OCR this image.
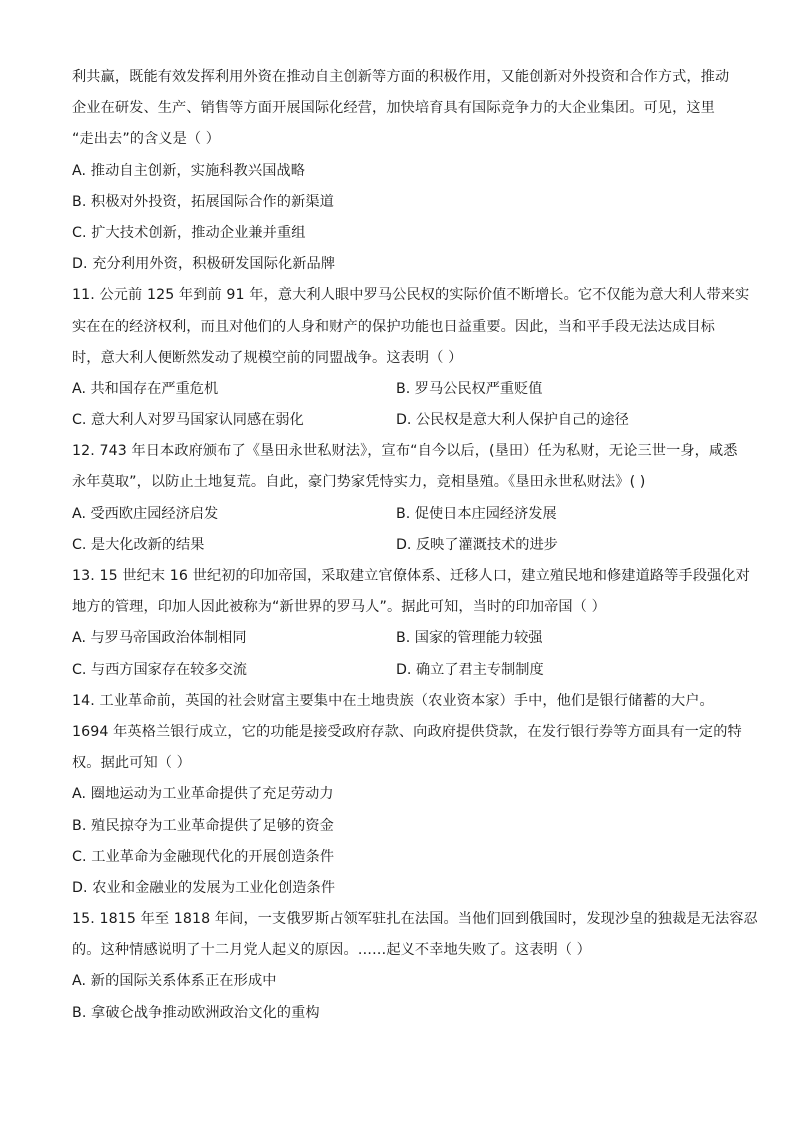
利共赢，既能有效发挥利用外资在推动自主创新等方面的积极作用，又能创新对外投资和合作方式，推动
企业在研发、生产、销售等方面开展国际化经营，加快培育具有国际竞争力的大企业集团。可见，这里
“走出去”的含义是（ ）
A. 推动自主创新，实施科教兴国战略
B. 积极对外投资，拓展国际合作的新渠道
C. 扩大技术创新，推动企业兼并重组
D. 充分利用外资，积极研发国际化新品牌
11. 公元前 125 年到前 91 年，意大利人眼中罗马公民权的实际价值不断增长。它不仅能为意大利人带来实
实在在的经济权利，而且对他们的人身和财产的保护功能也日益重要。因此，当和平手段无法达成目标
时，意大利人便断然发动了规模空前的同盟战争。这表明（ ）
A. 共和国存在严重危机	B. 罗马公民权严重贬值
C. 意大利人对罗马国家认同感在弱化	D. 公民权是意大利人保护自己的途径
12. 743 年日本政府颁布了《垦田永世私财法》，宣布“自今以后，(垦田）任为私财，无论三世一身，咸悉
永年莫取”，以防止土地复荒。自此，豪门势家凭恃实力，竞相垦殖。《垦田永世私财法》( )
A. 受西欧庄园经济启发	B. 促使日本庄园经济发展
C. 是大化改新的结果	D. 反映了灌溉技术的进步
13. 15 世纪末 16 世纪初的印加帝国，采取建立官僚体系、迁移人口，建立殖民地和修建道路等手段强化对
地方的管理，印加人因此被称为“新世界的罗马人”。据此可知，当时的印加帝国（ ）
A. 与罗马帝国政治体制相同	B. 国家的管理能力较强
C. 与西方国家存在较多交流	D. 确立了君主专制制度
14. 工业革命前，英国的社会财富主要集中在土地贵族（农业资本家）手中，他们是银行储蓄的大户。
1694 年英格兰银行成立，它的功能是接受政府存款、向政府提供贷款，在发行银行券等方面具有一定的特
权。据此可知（ ）
A. 圈地运动为工业革命提供了充足劳动力
B. 殖民掠夺为工业革命提供了足够的资金
C. 工业革命为金融现代化的开展创造条件
D. 农业和金融业的发展为工业化创造条件
15. 1815 年至 1818 年间，一支俄罗斯占领军驻扎在法国。当他们回到俄国时，发现沙皇的独裁是无法容忍
的。这种情感说明了十二月党人起义的原因。……起义不幸地失败了。这表明（ ）
A. 新的国际关系体系正在形成中
B. 拿破仑战争推动欧洲政治文化的重构
